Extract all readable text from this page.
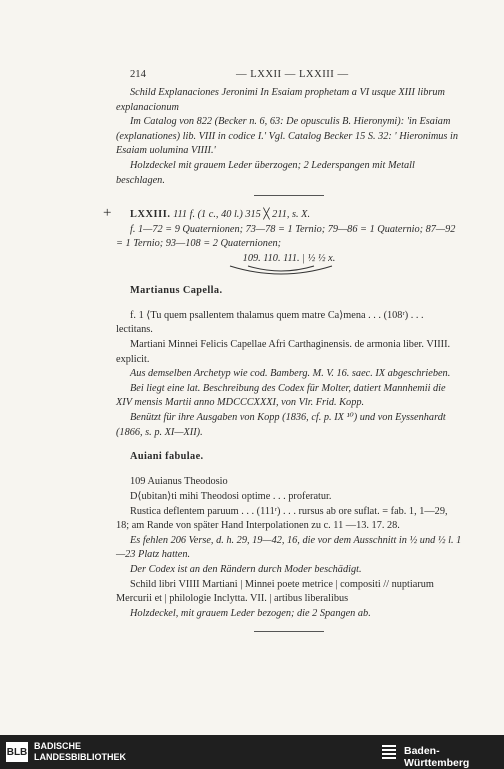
214	— LXXII — LXXIII —

Schild Explanaciones Jeronimi In Esaiam prophetam a VI usque XIII librum explanacionum

Im Catalog von 822 (Becker n. 6, 63: De opusculis B. Hieronymi): 'in Esaiam (explanationes) lib. VIII in codice I.' Vgl. Catalog Becker 15 S. 32: ' Hieronimus in Esaiam uolumina VIIII.'

Holzdeckel mit grauem Leder überzogen; 2 Lederspangen mit Metall beschlagen.

LXXIII. 111 f. (1 c., 40 l.) 315 ╳ 211, s. X.

f. 1—72 = 9 Quaternionen; 73—78 = 1 Ternio; 79—86 = 1 Quaternio; 87—92 = 1 Ternio; 93—108 = 2 Quaternionen;

109. 110. 111. | ½ ½ x.

Martianus Capella.

f. 1 ⟨Tu quem psallentem thalamus quem matre Ca⟩mena . . . (108ʳ) . . . lectitans.

Martiani Minnei Felicis Capellae Afri Carthaginensis. de armonia liber. VIIII. explicit.

Aus demselben Archetyp wie cod. Bamberg. M. V. 16. saec. IX abgeschrieben.

Bei liegt eine lat. Beschreibung des Codex für Molter, datiert Mannhemii die XIV mensis Martii anno MDCCCXXXI, von Vlr. Frid. Kopp.

Benützt für ihre Ausgaben von Kopp (1836, cf. p. IX ¹⁰) und von Eyssenhardt (1866, s. p. XI—XII).

Auiani fabulae.

109 Auianus Theodosio

D⟨ubitan⟩ti mihi Theodosi optime . . . proferatur.

Rustica deflentem paruum . . . (111ʳ) . . . rursus ab ore suflat. = fab. 1, 1—29, 18; am Rande von später Hand Interpolationen zu c. 11 —13. 17. 28.

Es fehlen 206 Verse, d. h. 29, 19—42, 16, die vor dem Ausschnitt in ½ und ½ l. 1—23 Platz hatten.

Der Codex ist an den Rändern durch Moder beschädigt.

Schild libri VIIII Martiani | Minnei poete metrice | compositi // nuptiarum Mercurii et | philologie Inclytta. VII. | artibus liberalibus

Holzdeckel, mit grauem Leder bezogen; die 2 Spangen ab.

+
BLB
BADISCHE
LANDESBIBLIOTHEK	Baden-Württemberg
